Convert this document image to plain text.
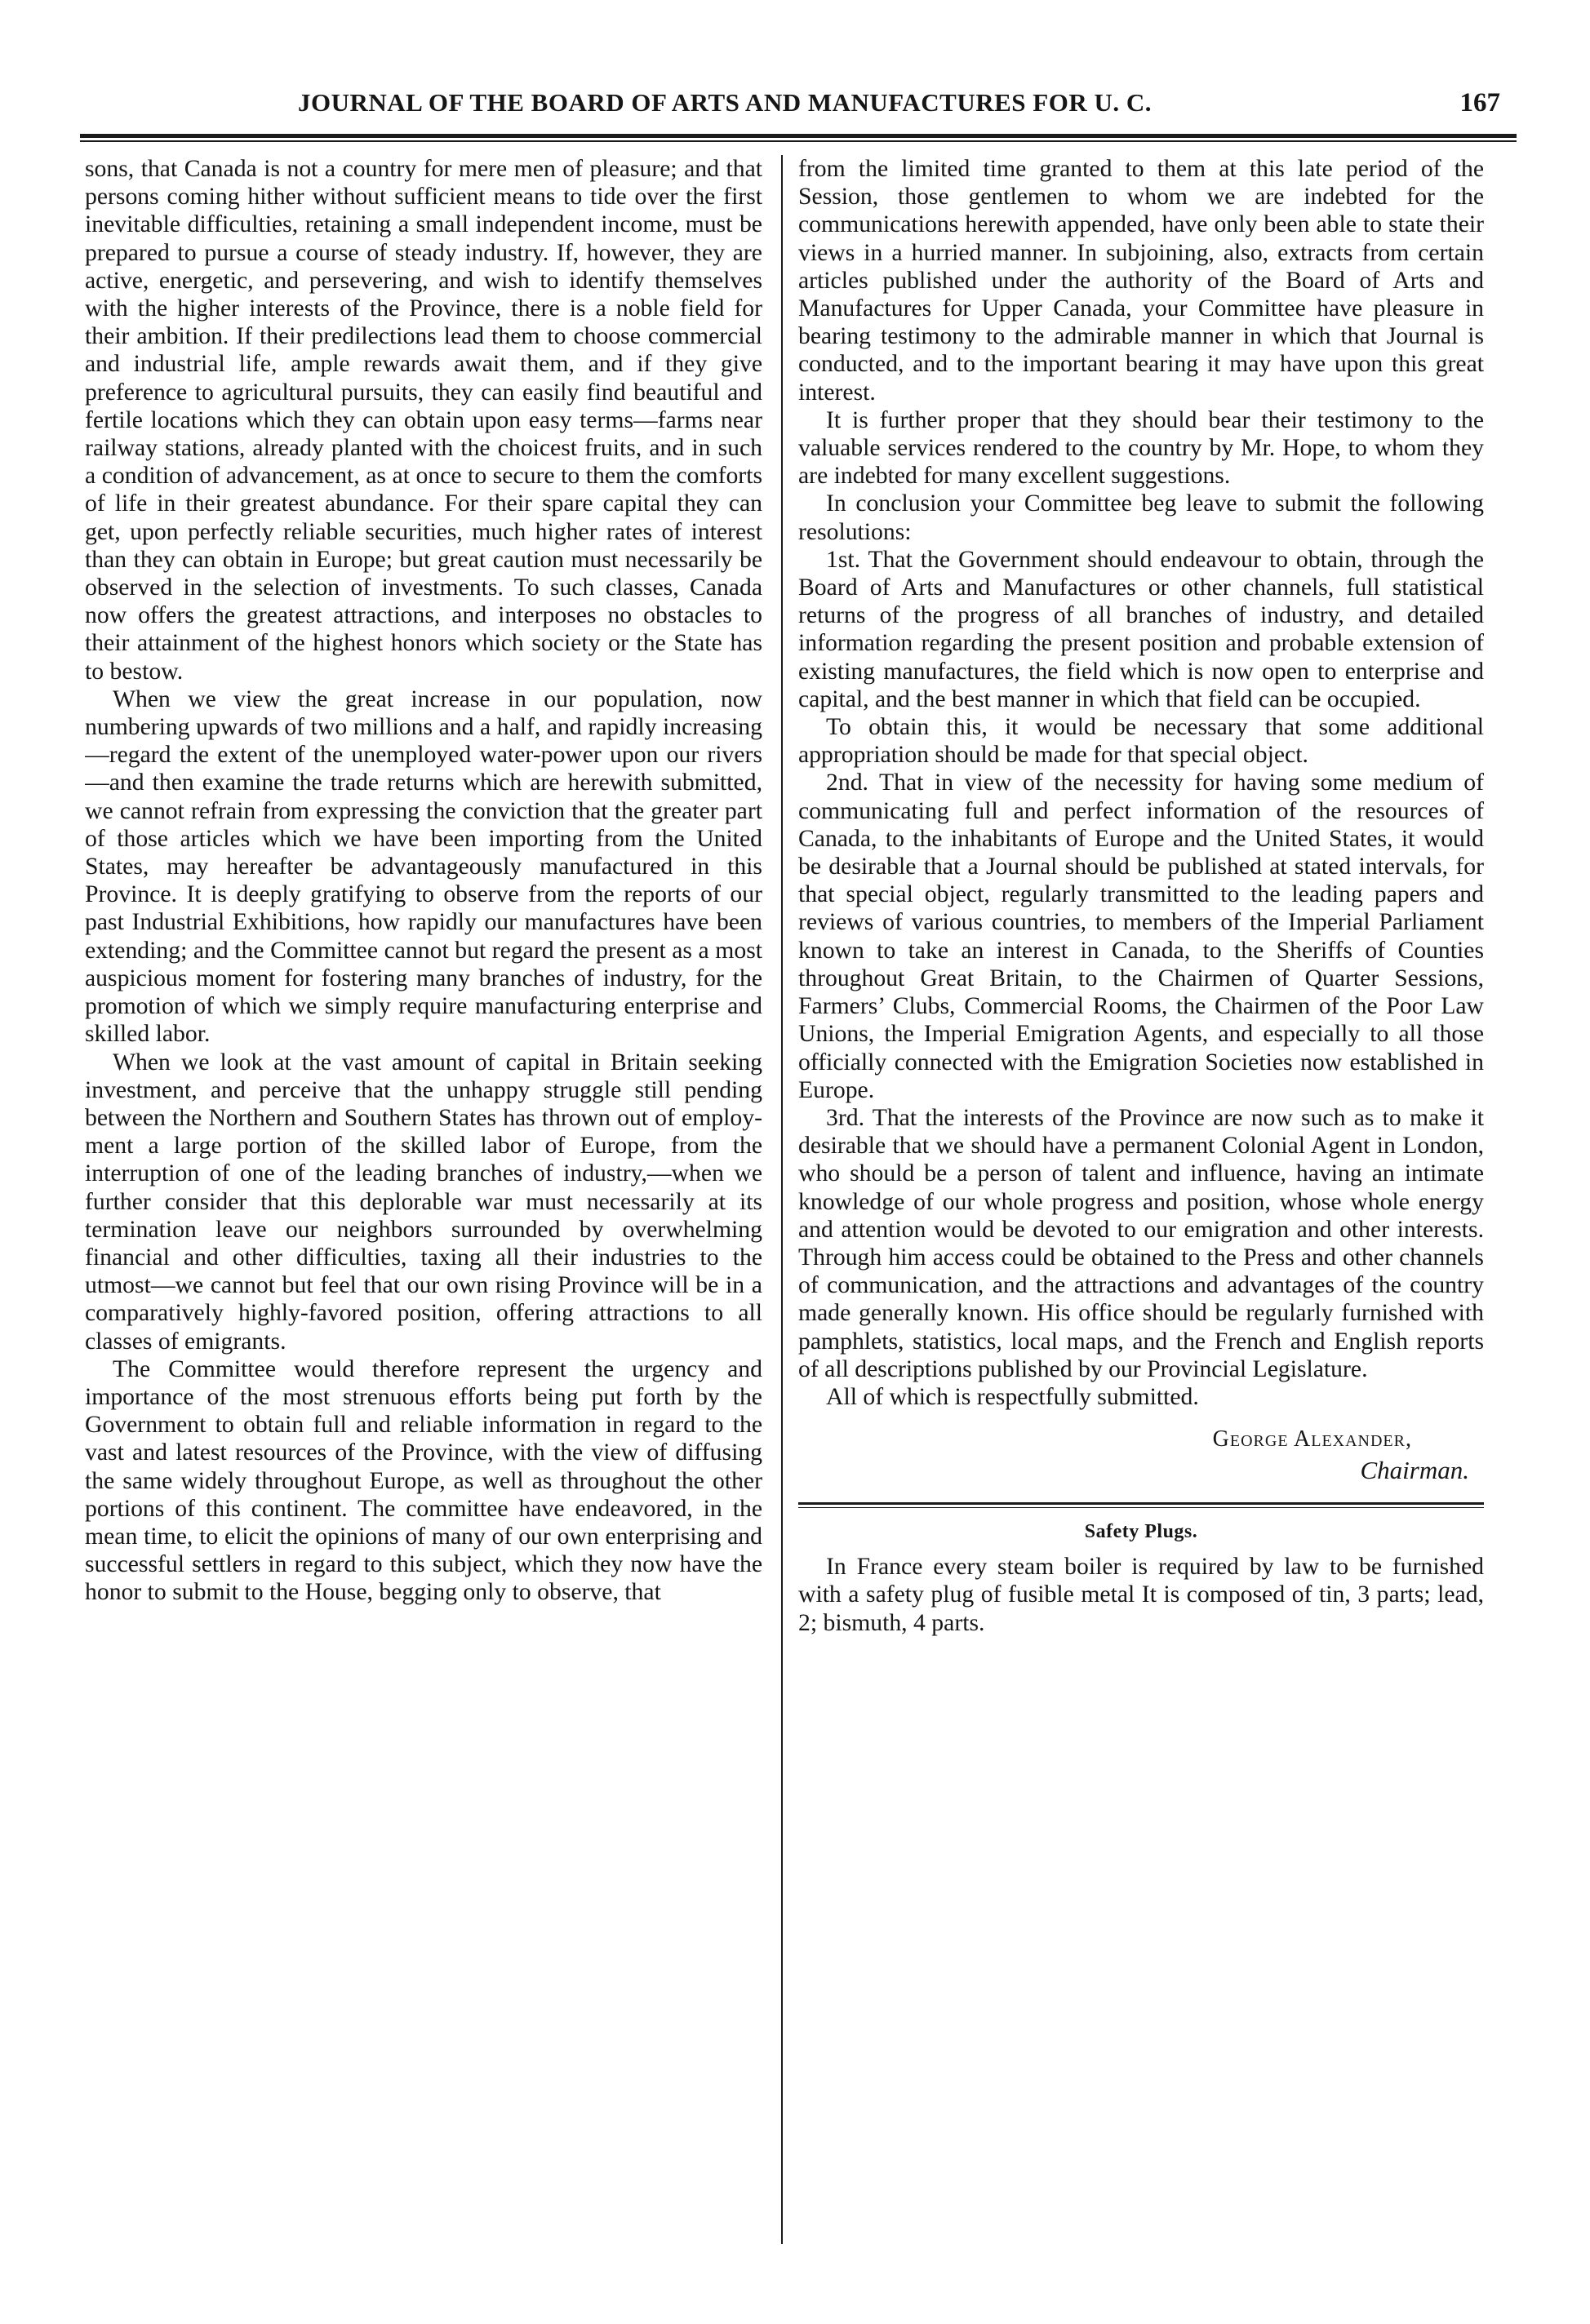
JOURNAL OF THE BOARD OF ARTS AND MANUFACTURES FOR U. C.	167

sons, that Canada is not a country for mere men of pleasure; and that persons coming hither without sufficient means to tide over the first inevitable difficulties, retaining a small independent income, must be prepared to pursue a course of steady industry. If, however, they are active, energetic, and persevering, and wish to identify themselves with the higher interests of the Province, there is a noble field for their ambition. If their predilections lead them to choose commercial and industrial life, ample rewards await them, and if they give preference to agricultural pursuits, they can easily find beautiful and fertile locations which they can obtain upon easy terms—farms near railway stations, already planted with the choicest fruits, and in such a condition of advancement, as at once to secure to them the comforts of life in their greatest abundance. For their spare capital they can get, upon perfectly reliable securities, much higher rates of interest than they can obtain in Europe; but great caution must necessarily be observed in the selection of investments. To such classes, Canada now offers the greatest attractions, and interposes no obstacles to their attainment of the highest honors which society or the State has to bestow.

When we view the great increase in our population, now numbering upwards of two millions and a half, and rapidly increasing—regard the extent of the unemployed water-power upon our rivers—and then examine the trade returns which are herewith submitted, we cannot refrain from expressing the conviction that the greater part of those articles which we have been importing from the United States, may hereafter be advantageously manufactured in this Province. It is deeply gratifying to observe from the reports of our past Industrial Exhibitions, how rapidly our manufactures have been extending; and the Committee cannot but regard the present as a most auspicious moment for fostering many branches of industry, for the promotion of which we simply require manufacturing enterprise and skilled labor.

When we look at the vast amount of capital in Britain seeking investment, and perceive that the unhappy struggle still pending between the Northern and Southern States has thrown out of employment a large portion of the skilled labor of Europe, from the interruption of one of the leading branches of industry,—when we further consider that this deplorable war must necessarily at its termination leave our neighbors surrounded by overwhelming financial and other difficulties, taxing all their industries to the utmost—we cannot but feel that our own rising Province will be in a comparatively highly-favored position, offering attractions to all classes of emigrants.

The Committee would therefore represent the urgency and importance of the most strenuous efforts being put forth by the Government to obtain full and reliable information in regard to the vast and latest resources of the Province, with the view of diffusing the same widely throughout Europe, as well as throughout the other portions of this continent. The committee have endeavored, in the mean time, to elicit the opinions of many of our own enterprising and successful settlers in regard to this subject, which they now have the honor to submit to the House, begging only to observe, that

from the limited time granted to them at this late period of the Session, those gentlemen to whom we are indebted for the communications herewith appended, have only been able to state their views in a hurried manner. In subjoining, also, extracts from certain articles published under the authority of the Board of Arts and Manufactures for Upper Canada, your Committee have pleasure in bearing testimony to the admirable manner in which that Journal is conducted, and to the important bearing it may have upon this great interest.

It is further proper that they should bear their testimony to the valuable services rendered to the country by Mr. Hope, to whom they are indebted for many excellent suggestions.

In conclusion your Committee beg leave to submit the following resolutions:

1st. That the Government should endeavour to obtain, through the Board of Arts and Manufactures or other channels, full statistical returns of the progress of all branches of industry, and detailed information regarding the present position and probable extension of existing manufactures, the field which is now open to enterprise and capital, and the best manner in which that field can be occupied.

To obtain this, it would be necessary that some additional appropriation should be made for that special object.

2nd. That in view of the necessity for having some medium of communicating full and perfect information of the resources of Canada, to the inhabitants of Europe and the United States, it would be desirable that a Journal should be published at stated intervals, for that special object, regularly transmitted to the leading papers and reviews of various countries, to members of the Imperial Parliament known to take an interest in Canada, to the Sheriffs of Counties throughout Great Britain, to the Chairmen of Quarter Sessions, Farmers’ Clubs, Commercial Rooms, the Chairmen of the Poor Law Unions, the Imperial Emigration Agents, and especially to all those officially connected with the Emigration Societies now established in Europe.

3rd. That the interests of the Province are now such as to make it desirable that we should have a permanent Colonial Agent in London, who should be a person of talent and influence, having an intimate knowledge of our whole progress and position, whose whole energy and attention would be devoted to our emigration and other interests. Through him access could be obtained to the Press and other channels of communication, and the attractions and advantages of the country made generally known. His office should be regularly furnished with pamphlets, statistics, local maps, and the French and English reports of all descriptions published by our Provincial Legislature.

All of which is respectfully submitted.

George Alexander,
Chairman.
Safety Plugs.

In France every steam boiler is required by law to be furnished with a safety plug of fusible metal It is composed of tin, 3 parts; lead, 2; bismuth, 4 parts.
